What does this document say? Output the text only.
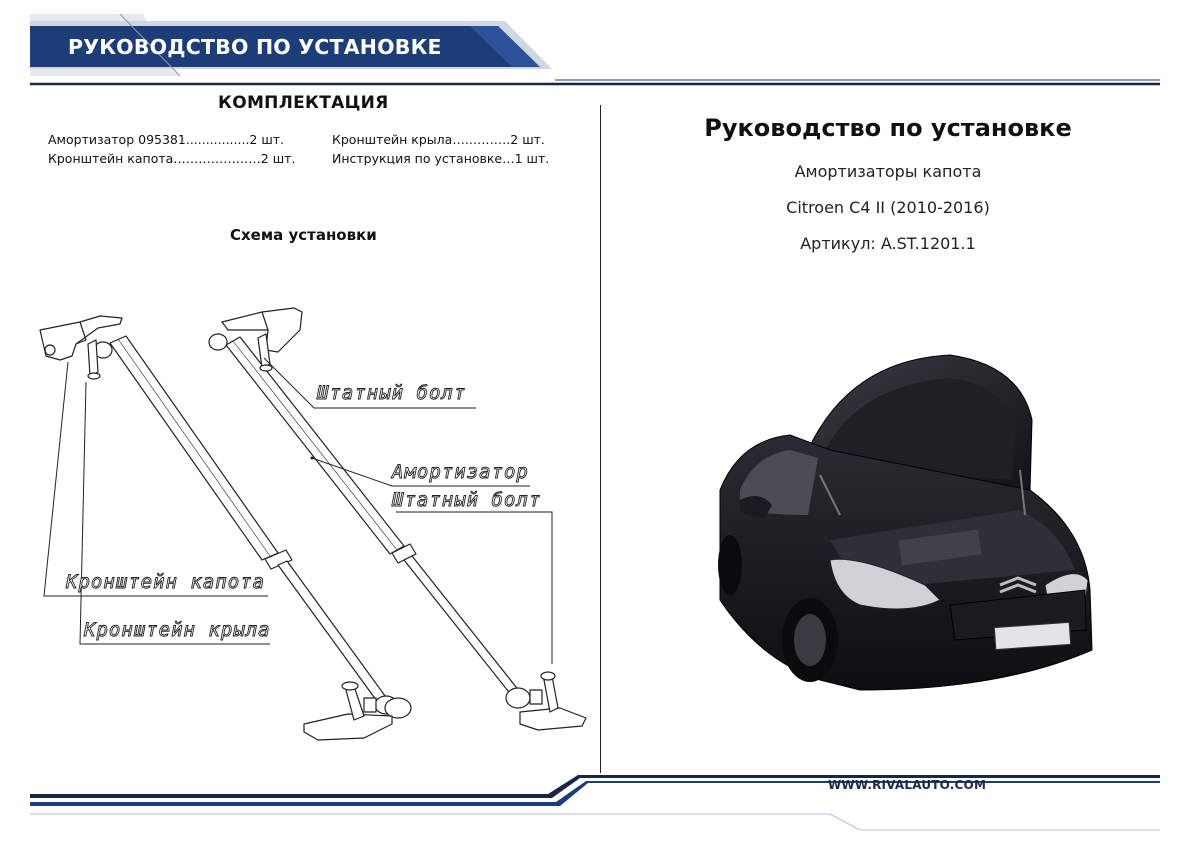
РУКОВОДСТВО ПО УСТАНОВКЕ
КОМПЛЕКТАЦИЯ
Амортизатор 095381................2 шт.
Кронштейн капота…………………2 шт.
Кронштейн крыла….……….2 шт.
Инструкция по установке…1 шт.
Схема установки
Штатный болт
Амортизатор
Штатный болт
Кронштейн капота
Кронштейн крыла
Руководство по установке
Амортизаторы капота
Citroen C4 II (2010-2016)
Артикул: A.ST.1201.1
WWW.RIVALAUTO.COM
